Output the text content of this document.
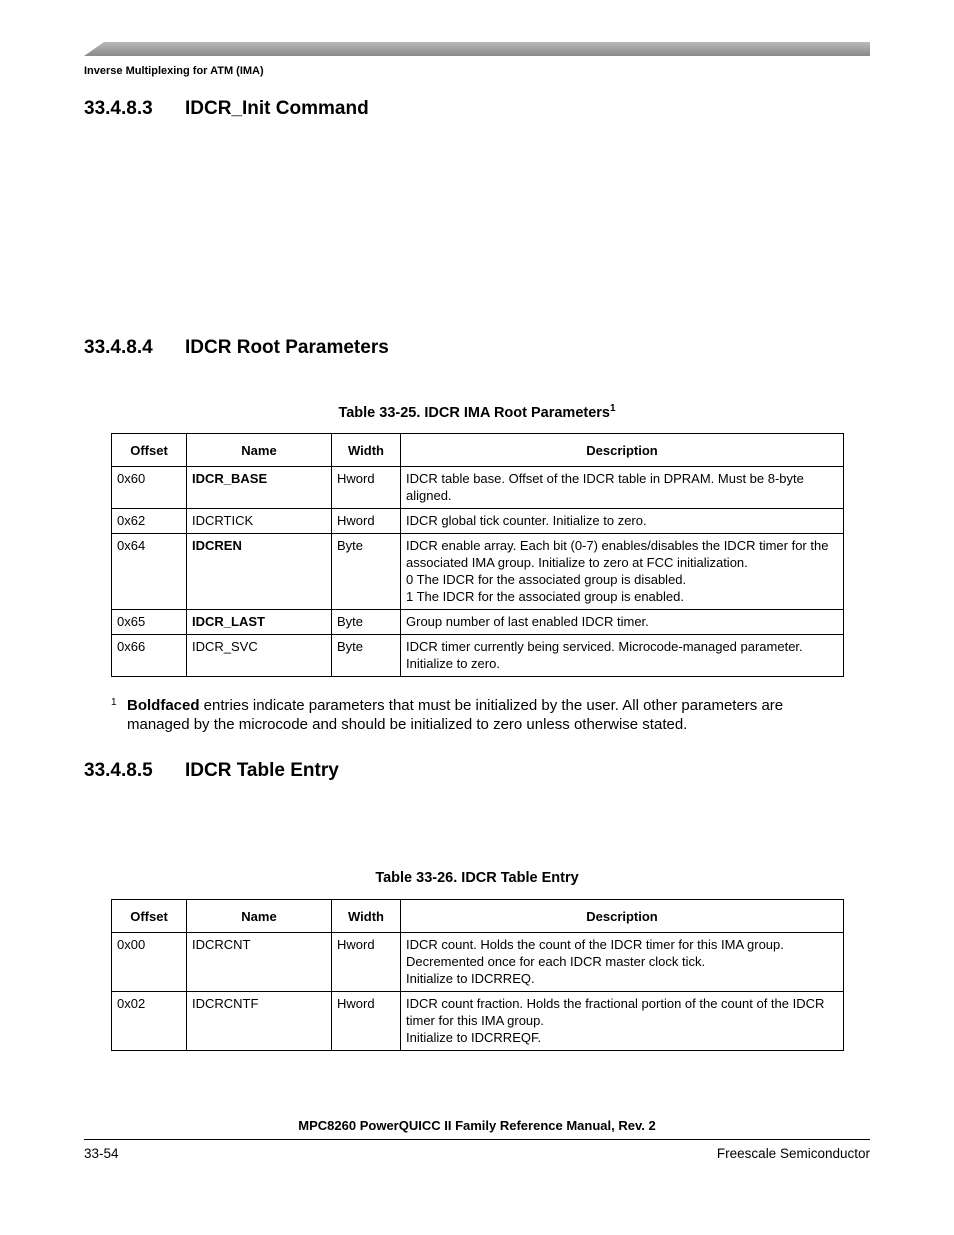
Inverse Multiplexing for ATM (IMA)
33.4.8.3 IDCR_Init Command
33.4.8.4 IDCR Root Parameters
Table 33-25. IDCR IMA Root Parameters$^1$
Offset	Name	Width	Description
0x60	IDCR_BASE	Hword	IDCR table base. Offset of the IDCR table in DPRAM. Must be 8-byte aligned.
0x62	IDCRTICK	Hword	IDCR global tick counter. Initialize to zero.
0x64	IDCREN	Byte	IDCR enable array. Each bit (0-7) enables/disables the IDCR timer for the associated IMA group. Initialize to zero at FCC initialization.
0 The IDCR for the associated group is disabled.
1 The IDCR for the associated group is enabled.

0x65	IDCR_LAST	Byte	Group number of last enabled IDCR timer.
0x66	IDCR_SVC	Byte	IDCR timer currently being serviced. Microcode-managed parameter. Initialize to zero.
1 Boldfaced entries indicate parameters that must be initialized by the user. All other parameters are managed by the microcode and should be initialized to zero unless otherwise stated.
33.4.8.5 IDCR Table Entry
Table 33-26. IDCR Table Entry
Offset	Name	Width	Description
0x00	IDCRCNT	Hword	IDCR count. Holds the count of the IDCR timer for this IMA group. Decremented once for each IDCR master clock tick.
Initialize to IDCRREQ.
0x02	IDCRCNTF	Hword	IDCR count fraction. Holds the fractional portion of the count of the IDCR timer for this IMA group.
Initialize to IDCRREQF.
MPC8260 PowerQUICC II Family Reference Manual, Rev. 2
33-54	Freescale Semiconductor
